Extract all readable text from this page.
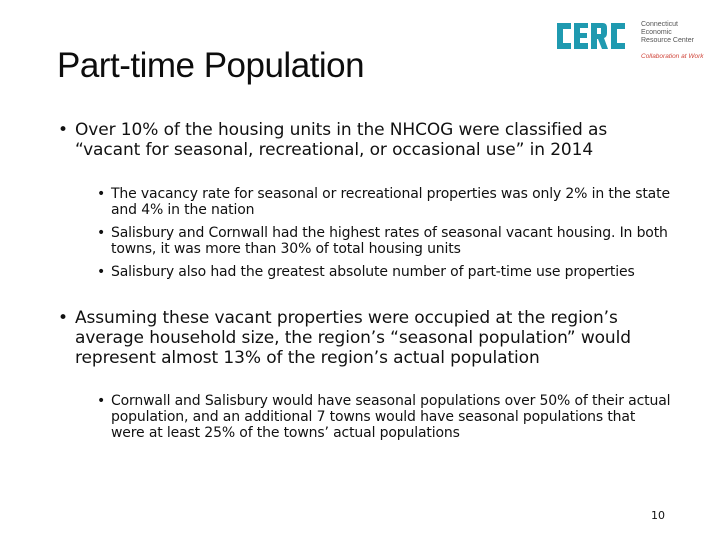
Part-time Population
Connecticut
Economic
Resource Center
Collaboration at Work

• Over 10% of the housing units in the NHCOG were classified as “vacant for seasonal, recreational, or occasional use” in 2014

• The vacancy rate for seasonal or recreational properties was only 2% in the state and 4% in the nation

• Salisbury and Cornwall had the highest rates of seasonal vacant housing. In both towns, it was more than 30% of total housing units

• Salisbury also had the greatest absolute number of part-time use properties

• Assuming these vacant properties were occupied at the region’s average household size, the region’s “seasonal population” would represent almost 13% of the region’s actual population

• Cornwall and Salisbury would have seasonal populations over 50% of their actual population, and an additional 7 towns would have seasonal populations that were at least 25% of the towns’ actual populations

10
